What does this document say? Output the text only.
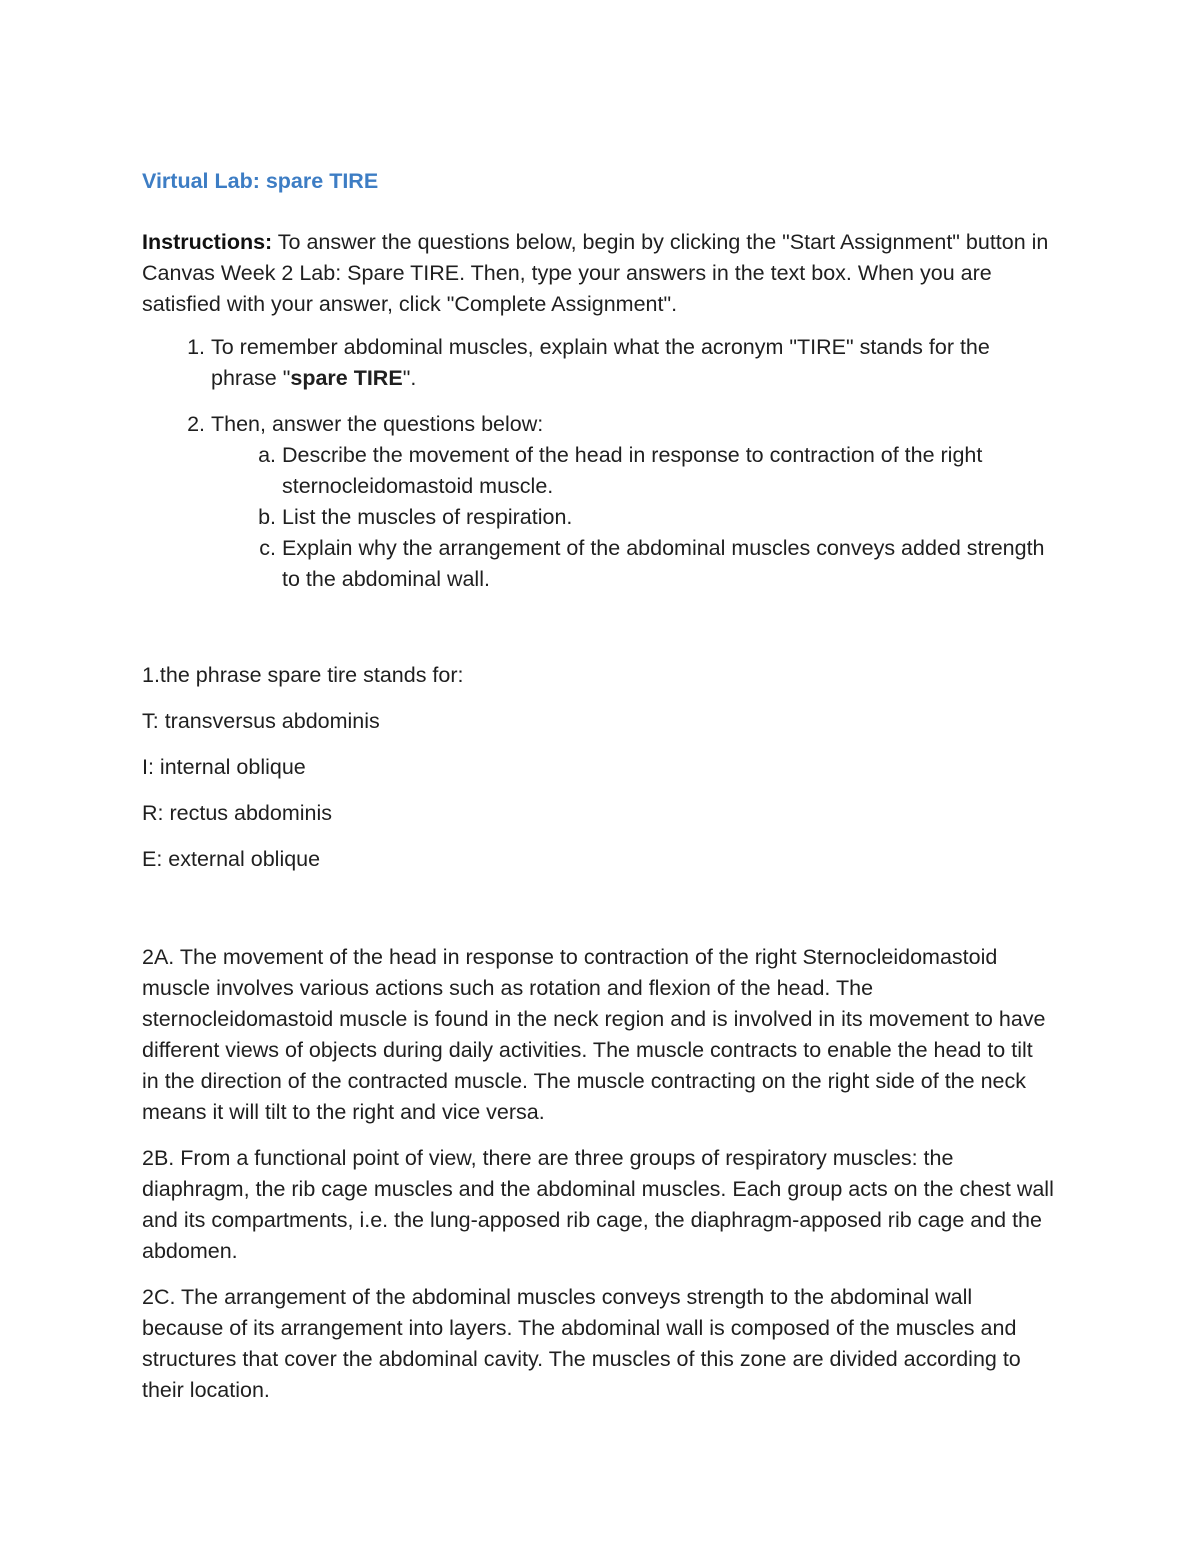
Virtual Lab: spare TIRE

Instructions: To answer the questions below, begin by clicking the "Start Assignment" button in Canvas Week 2 Lab: Spare TIRE. Then, type your answers in the text box. When you are satisfied with your answer, click "Complete Assignment".

1. To remember abdominal muscles, explain what the acronym "TIRE" stands for the phrase "spare TIRE".
2. Then, answer the questions below:
a. Describe the movement of the head in response to contraction of the right sternocleidomastoid muscle.
b. List the muscles of respiration.
c. Explain why the arrangement of the abdominal muscles conveys added strength to the abdominal wall.

1.the phrase spare tire stands for:

T: transversus abdominis

I: internal oblique

R: rectus abdominis

E: external oblique

2A. The movement of the head in response to contraction of the right Sternocleidomastoid muscle involves various actions such as rotation and flexion of the head. The sternocleidomastoid muscle is found in the neck region and is involved in its movement to have different views of objects during daily activities. The muscle contracts to enable the head to tilt in the direction of the contracted muscle. The muscle contracting on the right side of the neck means it will tilt to the right and vice versa.

2B. From a functional point of view, there are three groups of respiratory muscles: the diaphragm, the rib cage muscles and the abdominal muscles. Each group acts on the chest wall and its compartments, i.e. the lung-apposed rib cage, the diaphragm-apposed rib cage and the abdomen.

2C. The arrangement of the abdominal muscles conveys strength to the abdominal wall because of its arrangement into layers. The abdominal wall is composed of the muscles and structures that cover the abdominal cavity. The muscles of this zone are divided according to their location.
